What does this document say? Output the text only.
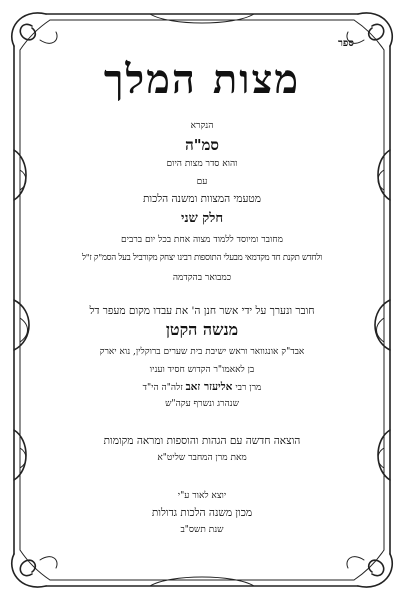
ספר
מצות המלך
הנקרא
סמ"ה
והוא סדר מצות היום
עם
מטעמי המצוות ומשנה הלכות
חלק שני
מחובר ומיוסד ללמוד מצוה אחת בכל יום ברבים
ולחדש תקנת חד מקדמאי מבעלי התוספות רבינו יצחק מקורביל בעל הסמ"ק ז"ל
כמבואר בהקדמה
חובר ונערך על ידי אשר חנן ה' את עבדו מקום מעפר דל
מנשה הקטן
אבד"ק אונגוואר וראש ישיבת בית שערים ברוקלין, נוא יארק
בן לאאמו"ר הקדוש חסיד ועניו
מרן רבי אליעזר זאב זלה"ה הי"ד
שנהרג ונשרף עקה"ש
הוצאה חדשה עם הגהות והוספות ומראה מקומות
מאת מרן המחבר שליט"א
יוצא לאור ע"י
מכון משנה הלכות גדולות
שנת תשס"ב
